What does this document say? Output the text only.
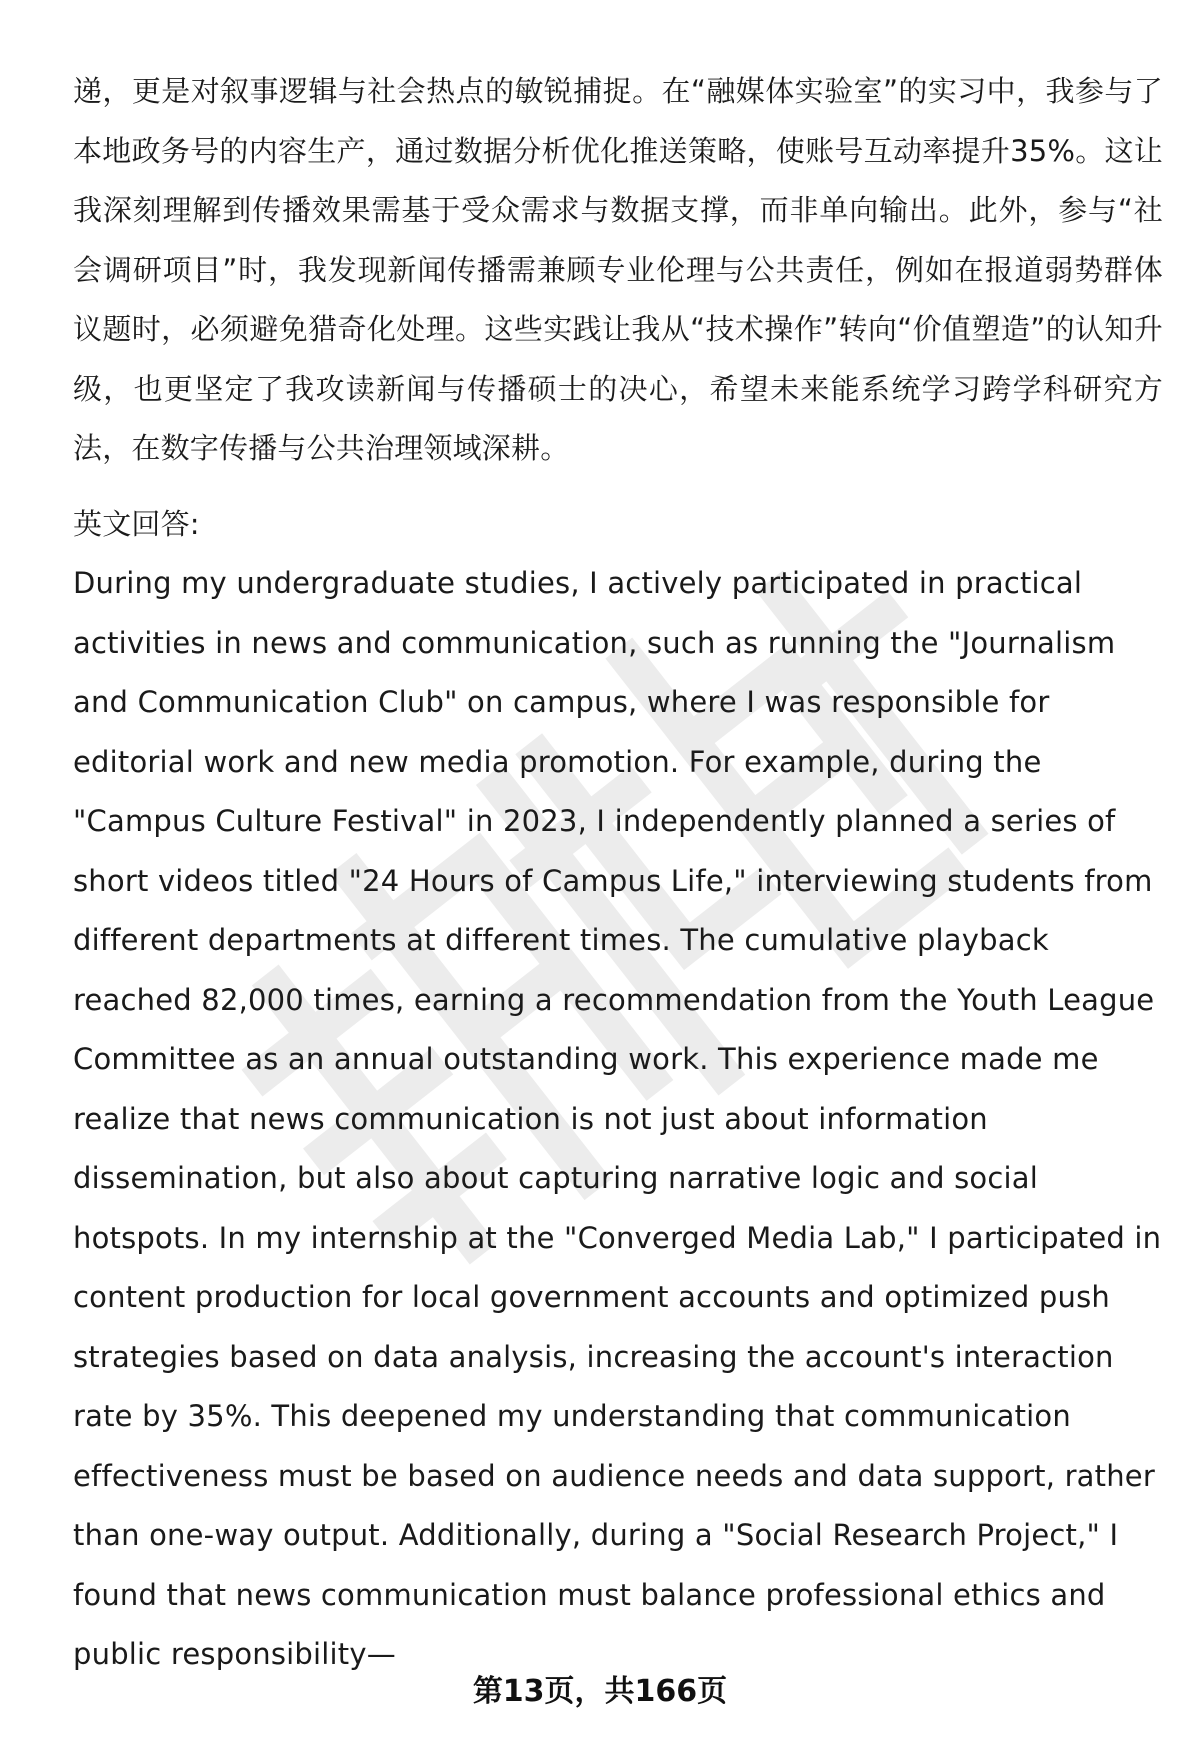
递，更是对叙事逻辑与社会热点的敏锐捕捉。在“融媒体实验室”的实习中，我参与了本地政务号的内容生产，通过数据分析优化推送策略，使账号互动率提升35%。这让我深刻理解到传播效果需基于受众需求与数据支撑，而非单向输出。此外，参与“社会调研项目”时，我发现新闻传播需兼顾专业伦理与公共责任，例如在报道弱势群体议题时，必须避免猎奇化处理。这些实践让我从“技术操作”转向“价值塑造”的认知升级，也更坚定了我攻读新闻与传播硕士的决心，希望未来能系统学习跨学科研究方法，在数字传播与公共治理领域深耕。

英文回答:

During my undergraduate studies, I actively participated in practical activities in news and communication, such as running the "Journalism and Communication Club" on campus, where I was responsible for editorial work and new media promotion. For example, during the "Campus Culture Festival" in 2023, I independently planned a series of short videos titled "24 Hours of Campus Life," interviewing students from different departments at different times. The cumulative playback reached 82,000 times, earning a recommendation from the Youth League Committee as an annual outstanding work. This experience made me realize that news communication is not just about information dissemination, but also about capturing narrative logic and social hotspots. In my internship at the "Converged Media Lab," I participated in content production for local government accounts and optimized push strategies based on data analysis, increasing the account's interaction rate by 35%. This deepened my understanding that communication effectiveness must be based on audience needs and data support, rather than one-way output. Additionally, during a "Social Research Project," I found that news communication must balance professional ethics and public responsibility—

第13页，共166页
